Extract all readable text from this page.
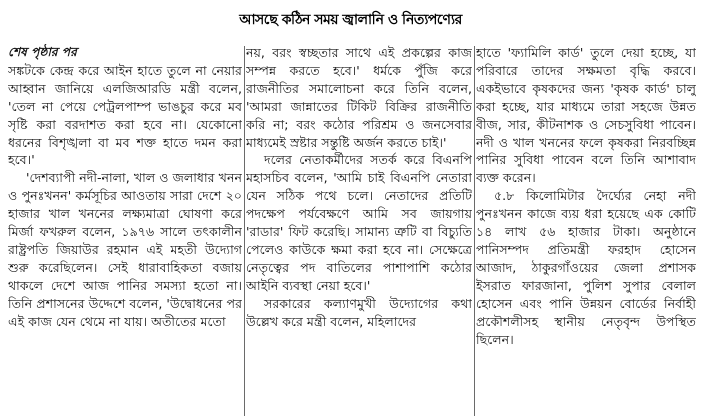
আসছে কঠিন সময় জ্বালানি ও নিত্যপণ্যের
শেষ পৃষ্ঠার পর

সঙ্কটকে কেন্দ্র করে আইন হাতে তুলে না নেয়ার আহ্বান জানিয়ে এলজিআরডি মন্ত্রী বলেন, 'তেল না পেয়ে পেট্রলপাম্প ভাঙচুর করে মব সৃষ্টি করা বরদাশত করা হবে না। যেকোনো ধরনের বিশৃঙ্খলা বা মব শক্ত হাতে দমন করা হবে।'

'দেশব্যাপী নদী-নালা, খাল ও জলাধার খনন ও পুনঃখনন' কর্মসূচির আওতায় সারা দেশে ২০ হাজার খাল খননের লক্ষ্যমাত্রা ঘোষণা করে মির্জা ফখরুল বলেন, ১৯৭৬ সালে তৎকালীন রাষ্ট্রপতি জিয়াউর রহমান এই মহতী উদ্যোগ শুরু করেছিলেন। সেই ধারাবাহিকতা বজায় থাকলে দেশে আজ পানির সমস্যা হতো না। তিনি প্রশাসনের উদ্দেশে বলেন, 'উদ্বোধনের পর এই কাজ যেন থেমে না যায়। অতীতের মতো

নয়, বরং স্বচ্ছতার সাথে এই প্রকল্পের কাজ সম্পন্ন করতে হবে।' ধর্মকে পুঁজি করে রাজনীতির সমালোচনা করে তিনি বলেন, 'আমরা জান্নাতের টিকিট বিক্রির রাজনীতি করি না; বরং কঠোর পরিশ্রম ও জনসেবার মাধ্যমেই স্রষ্টার সন্তুষ্টি অর্জন করতে চাই।'

দলের নেতাকর্মীদের সতর্ক করে বিএনপি মহাসচিব বলেন, 'আমি চাই বিএনপি নেতারা যেন সঠিক পথে চলে। নেতাদের প্রতিটি পদক্ষেপ পর্যবেক্ষণে আমি সব জায়গায় 'রাডার' ফিট করেছি। সামান্য ত্রুটি বা বিচ্যুতি পেলেও কাউকে ক্ষমা করা হবে না। সেক্ষেত্রে নেতৃত্বের পদ বাতিলের পাশাপাশি কঠোর আইনি ব্যবস্থা নেয়া হবে।'

সরকারের কল্যাণমুখী উদ্যোগের কথা উল্লেখ করে মন্ত্রী বলেন, মহিলাদের

হাতে 'ফ্যামিলি কার্ড' তুলে দেয়া হচ্ছে, যা পরিবারে তাদের সক্ষমতা বৃদ্ধি করবে। একইভাবে কৃষকদের জন্য 'কৃষক কার্ড' চালু করা হচ্ছে, যার মাধ্যমে তারা সহজে উন্নত বীজ, সার, কীটনাশক ও সেচসুবিধা পাবেন। নদী ও খাল খননের ফলে কৃষকরা নিরবচ্ছিন্ন পানির সুবিধা পাবেন বলে তিনি আশাবাদ ব্যক্ত করেন।

৫.৮ কিলোমিটার দৈর্ঘ্যের নেহা নদী পুনঃখনন কাজে ব্যয় ধরা হয়েছে এক কোটি ১৪ লাখ ৫৬ হাজার টাকা। অনুষ্ঠানে পানিসম্পদ প্রতিমন্ত্রী ফরহাদ হোসেন আজাদ, ঠাকুরগাঁওয়ের জেলা প্রশাসক ইসরাত ফারজানা, পুলিশ সুপার বেলাল হোসেন এবং পানি উন্নয়ন বোর্ডের নির্বাহী প্রকৌশলীসহ স্থানীয় নেতৃবৃন্দ উপস্থিত ছিলেন।
